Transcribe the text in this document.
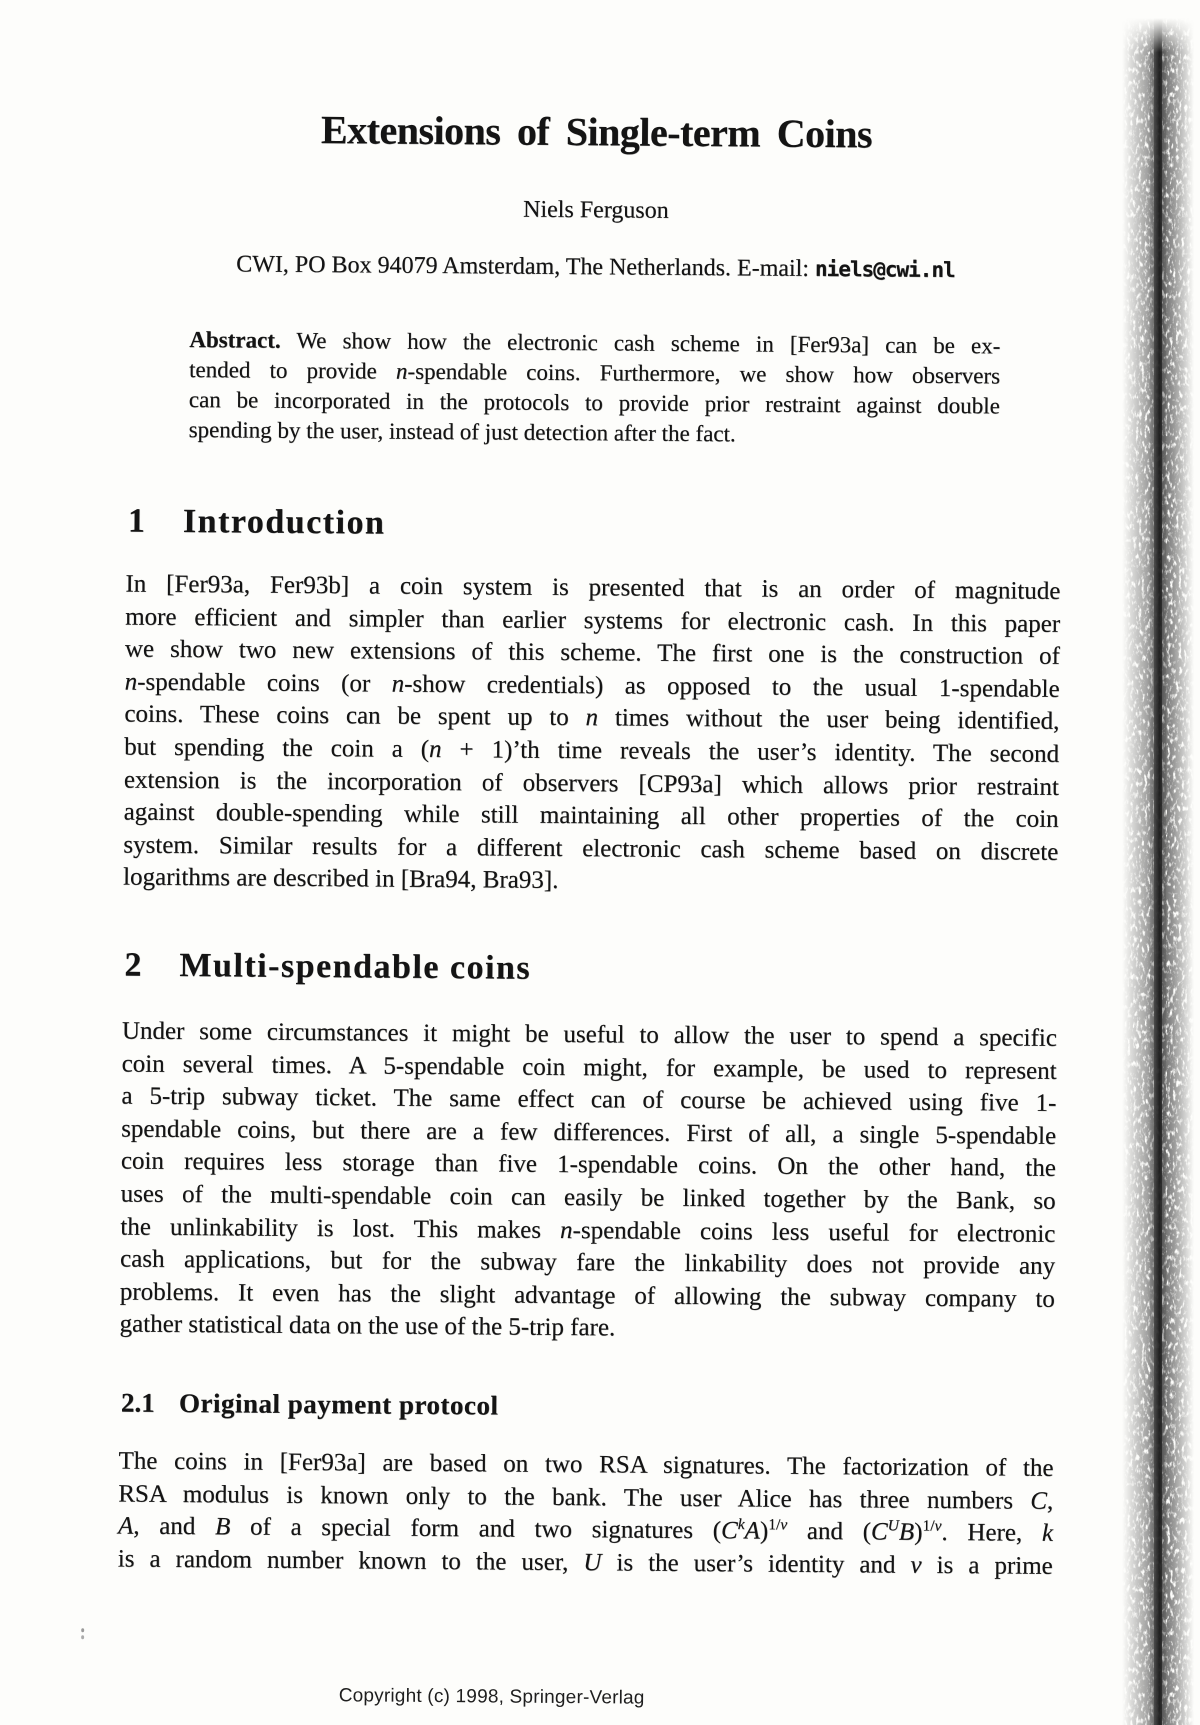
Extensions of Single-term Coins
Niels Ferguson
CWI, PO Box 94079 Amsterdam, The Netherlands. E-mail: niels@cwi.nl
Abstract. We show how the electronic cash scheme in [Fer93a] can be ex-
tended to provide n-spendable coins. Furthermore, we show how observers
can be incorporated in the protocols to provide prior restraint against double
spending by the user, instead of just detection after the fact.
1 Introduction
In [Fer93a, Fer93b] a coin system is presented that is an order of magnitude
more efficient and simpler than earlier systems for electronic cash. In this paper
we show two new extensions of this scheme. The first one is the construction of
n-spendable coins (or n-show credentials) as opposed to the usual 1-spendable
coins. These coins can be spent up to n times without the user being identified,
but spending the coin a (n + 1)’th time reveals the user’s identity. The second
extension is the incorporation of observers [CP93a] which allows prior restraint
against double-spending while still maintaining all other properties of the coin
system. Similar results for a different electronic cash scheme based on discrete
logarithms are described in [Bra94, Bra93].
2 Multi-spendable coins
Under some circumstances it might be useful to allow the user to spend a specific
coin several times. A 5-spendable coin might, for example, be used to represent
a 5-trip subway ticket. The same effect can of course be achieved using five 1-
spendable coins, but there are a few differences. First of all, a single 5-spendable
coin requires less storage than five 1-spendable coins. On the other hand, the
uses of the multi-spendable coin can easily be linked together by the Bank, so
the unlinkability is lost. This makes n-spendable coins less useful for electronic
cash applications, but for the subway fare the linkability does not provide any
problems. It even has the slight advantage of allowing the subway company to
gather statistical data on the use of the 5-trip fare.
2.1 Original payment protocol
The coins in [Fer93a] are based on two RSA signatures. The factorization of the
RSA modulus is known only to the bank. The user Alice has three numbers C,
A, and B of a special form and two signatures $(C^kA)^{1/v}$ and $(C^UB)^{1/v}$. Here, k
is a random number known to the user, U is the user’s identity and v is a prime
Copyright (c) 1998, Springer-Verlag
